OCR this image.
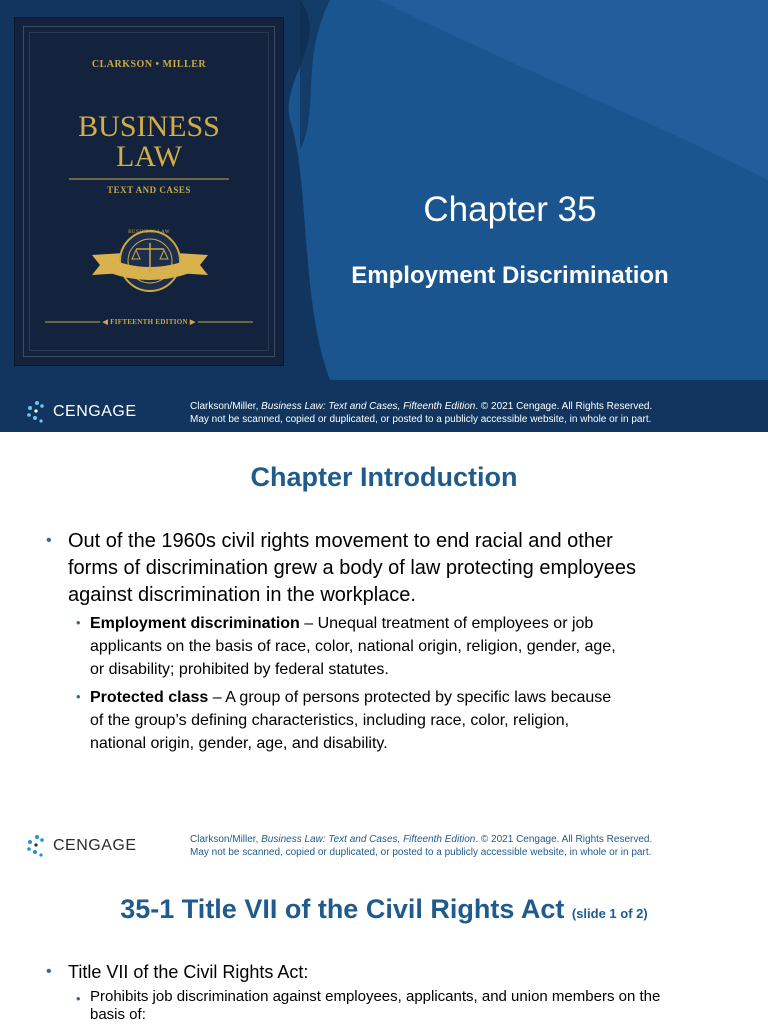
CLARKSON • MILLER
BUSINESS
LAW
TEXT AND CASES
BUSINESS LAW
◀ FIFTEENTH EDITION ▶
Chapter 35
Employment Discrimination
CENGAGE	Clarkson/Miller, Business Law: Text and Cases, Fifteenth Edition. © 2021 Cengage. All Rights Reserved.
May not be scanned, copied or duplicated, or posted to a publicly accessible website, in whole or in part.
Chapter Introduction
• Out of the 1960s civil rights movement to end racial and other
forms of discrimination grew a body of law protecting employees
against discrimination in the workplace.
• Employment discrimination – Unequal treatment of employees or job
applicants on the basis of race, color, national origin, religion, gender, age,
or disability; prohibited by federal statutes.
• Protected class – A group of persons protected by specific laws because
of the group’s defining characteristics, including race, color, religion,
national origin, gender, age, and disability.
CENGAGE	Clarkson/Miller, Business Law: Text and Cases, Fifteenth Edition. © 2021 Cengage. All Rights Reserved.
May not be scanned, copied or duplicated, or posted to a publicly accessible website, in whole or in part.
35-1 Title VII of the Civil Rights Act (slide 1 of 2)
• Title VII of the Civil Rights Act:
• Prohibits job discrimination against employees, applicants, and union members on the
basis of:
